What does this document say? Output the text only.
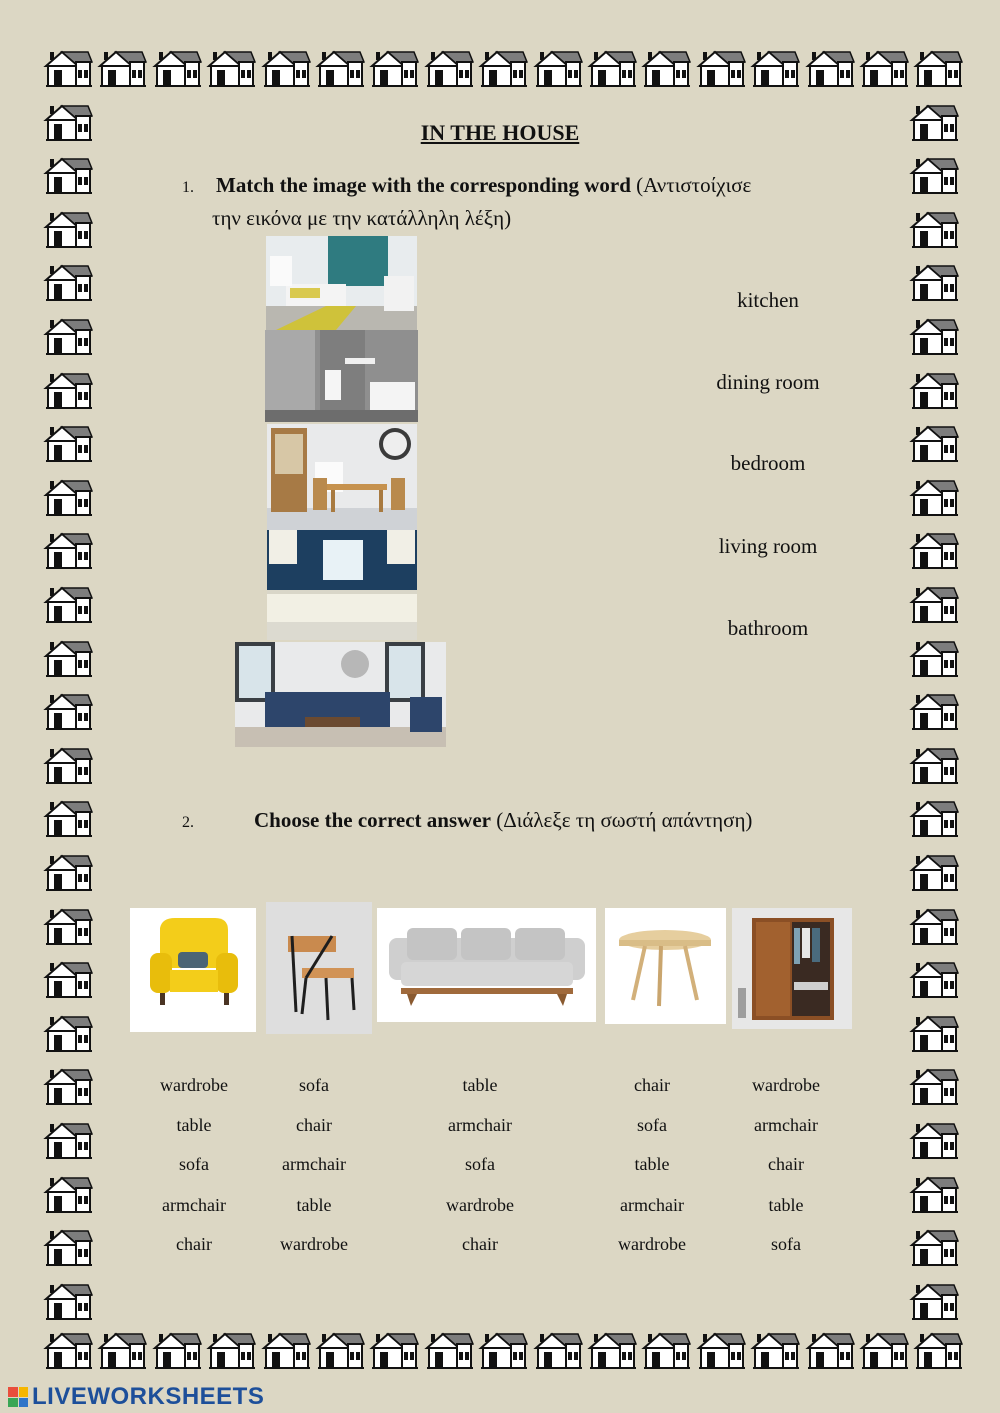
IN THE HOUSE
1. Match the image with the corresponding word (Αντιστοίχισε
την εικόνα με την κατάλληλη λέξη)
kitchen
dining room
bedroom
living room
bathroom
2.	Choose the correct answer (Διάλεξε τη σωστή απάντηση)
wardrobe
table
sofa
armchair
chair
sofa
chair
armchair
table
wardrobe
table
armchair
sofa
wardrobe
chair
chair
sofa
table
armchair
wardrobe
wardrobe
armchair
chair
table
sofa
LIVEWORKSHEETS
